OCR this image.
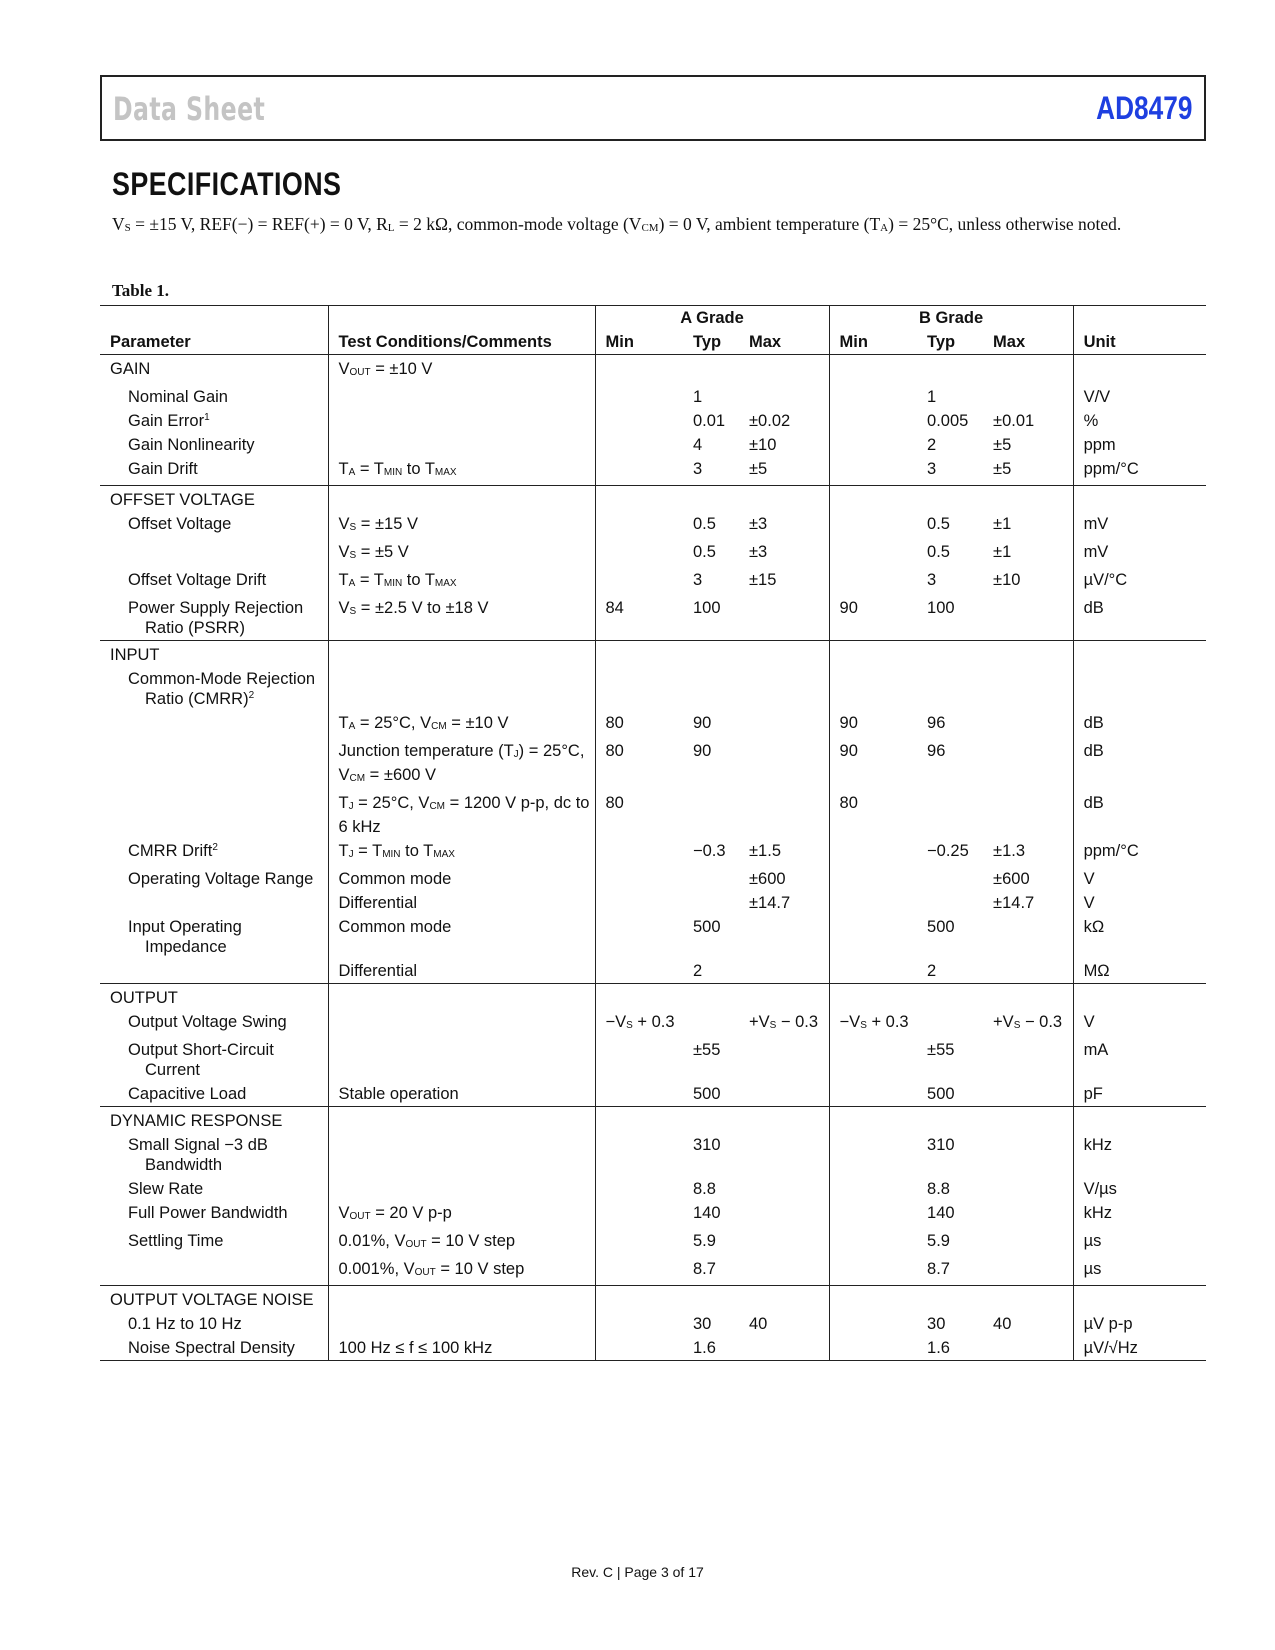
Data Sheet	AD8479
SPECIFICATIONS
$V_S = \pm 15$ V, REF(−) = REF(+) = 0 V, $R_L = 2$ kΩ, common-mode voltage $(V_{CM}) = 0$ V, ambient temperature $(T_A) = 25^\circ C$, unless otherwise noted.
Table 1.
		A Grade			B Grade			
Parameter	Test Conditions/Comments	Min	Typ	Max	Min	Typ	Max	Unit
GAIN	$V_{OUT} = \pm 10$ V							
Nominal Gain			1			1		V/V
Gain Error$^1$			0.01	±0.02		0.005	±0.01	%
Gain Nonlinearity			4	±10		2	±5	ppm
Gain Drift	$T_A = T_{MIN}$ to $T_{MAX}$		3	±5		3	±5	ppm/°C
OFFSET VOLTAGE								
Offset Voltage	$V_S = \pm 15$ V		0.5	±3		0.5	±1	mV
	$V_S = \pm 5$ V		0.5	±3		0.5	±1	mV
Offset Voltage Drift	$T_A = T_{MIN}$ to $T_{MAX}$		3	±15		3	±10	µV/°C
Power Supply Rejection
Ratio (PSRR)	$V_S = \pm 2.5$ V to ±18 V	84	100		90	100		dB
INPUT								
Common-Mode Rejection
Ratio (CMRR)$^2$

	$T_A = 25^\circ C$, $V_{CM} = \pm 10$ V	80	90		90	96		dB
	Junction temperature $(T_J) = 25^\circ C$, $V_{CM} = \pm 600$ V	80	90		90	96		dB
	$T_J = 25^\circ C$, $V_{CM} = 1200$ V p-p, dc to 6 kHz	80			80			dB
CMRR Drift$^2$	$T_J = T_{MIN}$ to $T_{MAX}$		−0.3	±1.5		−0.25	±1.3	ppm/°C
Operating Voltage Range	Common mode			±600			±600	V
	Differential			±14.7			±14.7	V
Input Operating
Impedance	Common mode		500			500		kΩ
	Differential		2			2		MΩ
OUTPUT								
Output Voltage Swing		$-V_S + 0.3$		$+V_S - 0.3$	$-V_S + 0.3$		$+V_S - 0.3$	V
Output Short-Circuit
Current			±55			±55		mA
Capacitive Load	Stable operation		500			500		pF
DYNAMIC RESPONSE								
Small Signal −3 dB
Bandwidth			310			310		kHz
Slew Rate			8.8			8.8		V/µs
Full Power Bandwidth	$V_{OUT} = 20$ V p-p		140			140		kHz
Settling Time	0.01%, $V_{OUT} = 10$ V step		5.9			5.9		µs
	0.001%, $V_{OUT} = 10$ V step		8.7			8.7		µs
OUTPUT VOLTAGE NOISE								
0.1 Hz to 10 Hz			30	40		30	40	µV p-p
Noise Spectral Density	100 Hz ≤ f ≤ 100 kHz		1.6			1.6		µV/√Hz
Rev. C | Page 3 of 17
